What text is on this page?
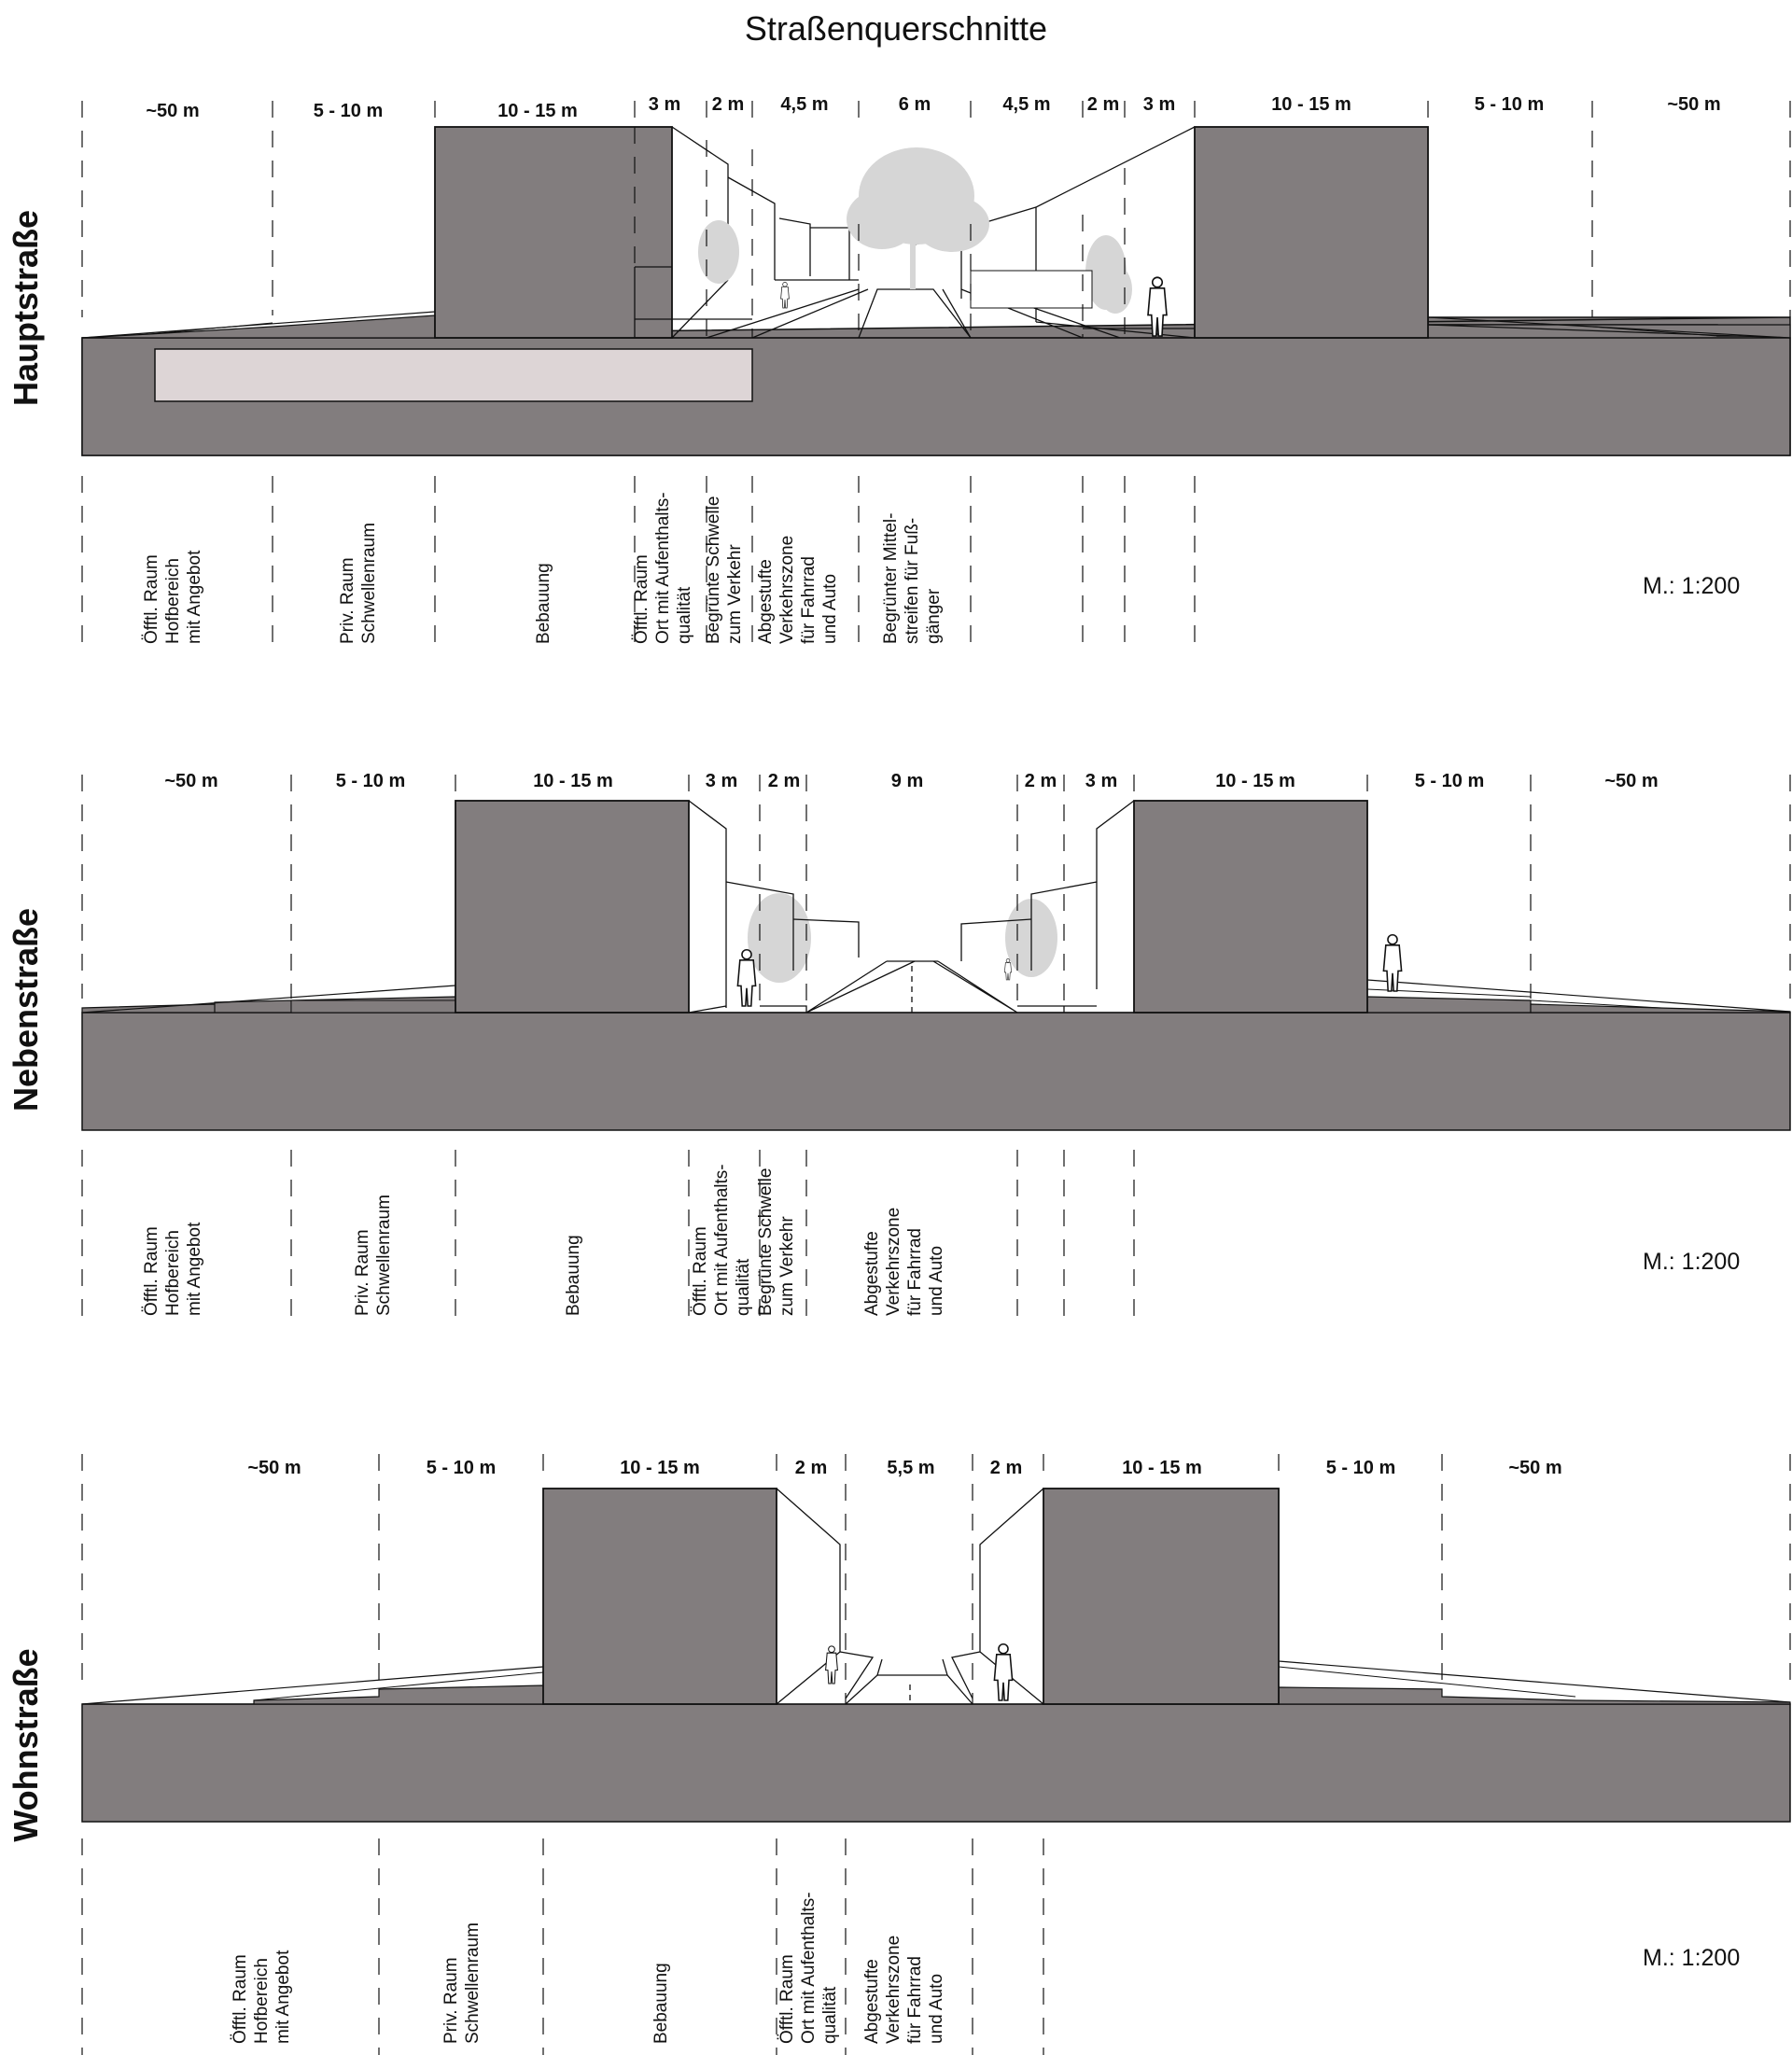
Straßenquerschnitte
Hauptstraße
~50 m	5 - 10 m	10 - 15 m	3 m 2 m 4,5 m	6 m	4,5 m 2 m 3 m	10 - 15 m	5 - 10 m	~50 m
Öfftl. Raum Hofbereich mit Angebot	Priv. Raum Schwellenraum	Bebauung	Öfftl. Raum Ort mit Aufenthalts- qualität Begrünte Schwelle zum Verkehr Abgestufte Verkehrszone für Fahrrad und Auto Begrünter Mittel- streifen für Fuß- gänger
M.: 1:200
Nebenstraße
~50 m	5 - 10 m	10 - 15 m	3 m 2 m	9 m	2 m 3 m	10 - 15 m	5 - 10 m	~50 m
Öfftl. Raum Hofbereich mit Angebot	Priv. Raum Schwellenraum	Bebauung	Öfftl. Raum Ort mit Aufenthalts- qualität Begrünte Schwelle zum Verkehr	Abgestufte Verkehrszone für Fahrrad und Auto	M.: 1:200
Wohnstraße
~50 m	5 - 10 m	10 - 15 m	2 m	5,5 m	2 m	10 - 15 m	5 - 10 m	~50 m
Öfftl. Raum Hofbereich mit Angebot	Priv. Raum Schwellenraum	Bebauung	Öfftl. Raum Ort mit Aufenthalts- qualität Abgestufte Verkehrszone für Fahrrad und Auto
M.: 1:200
